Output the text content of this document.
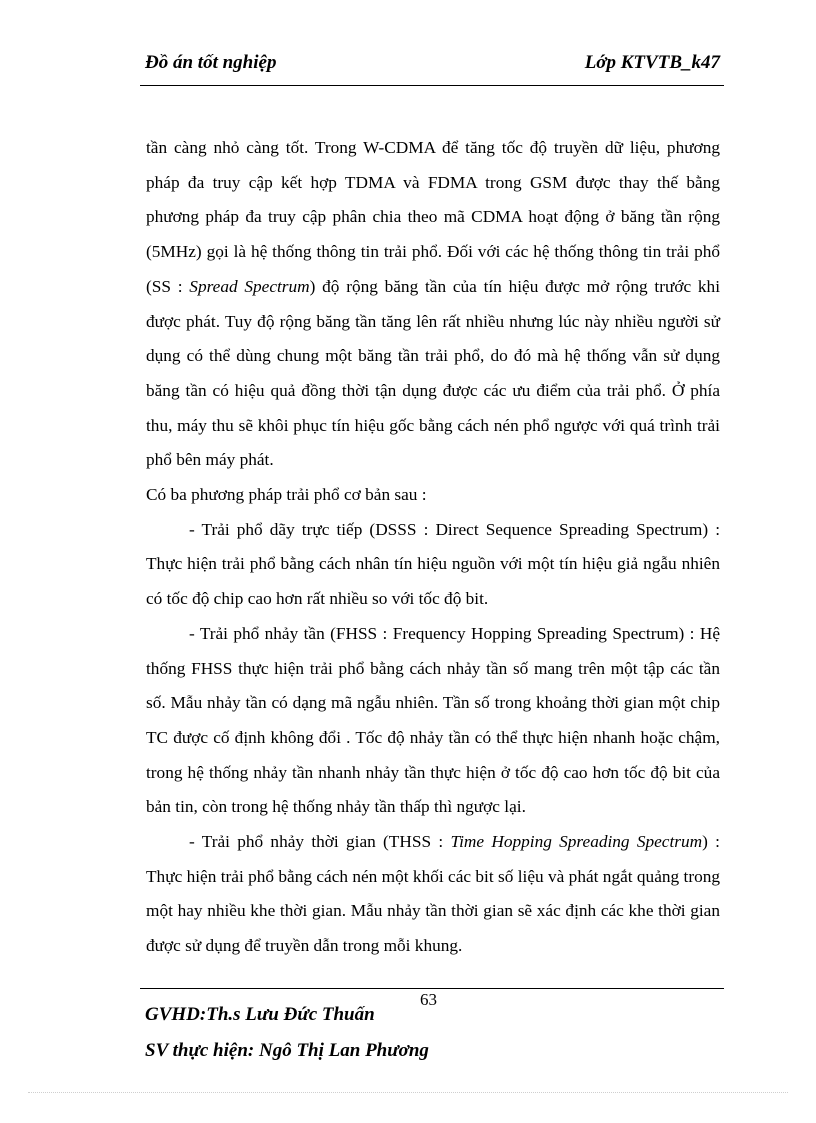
Đồ án tốt nghiệp	Lớp KTVTB_k47

tần càng nhỏ càng tốt. Trong W-CDMA để tăng tốc độ truyền dữ liệu, phương pháp đa truy cập kết hợp TDMA và FDMA trong GSM được thay thế bằng phương pháp đa truy cập phân chia theo mã CDMA hoạt động ở băng tần rộng (5MHz) gọi là hệ thống thông tin trải phổ. Đối với các hệ thống thông tin trải phổ (SS : Spread Spectrum) độ rộng băng tần của tín hiệu được mở rộng trước khi được phát. Tuy độ rộng băng tần tăng lên rất nhiều nhưng lúc này nhiều người sử dụng có thể dùng chung một băng tần trải phổ, do đó mà hệ thống vẫn sử dụng băng tần có hiệu quả đồng thời tận dụng được các ưu điểm của trải phổ. Ở phía thu, máy thu sẽ khôi phục tín hiệu gốc bằng cách nén phổ ngược với quá trình trải phổ bên máy phát.

Có ba phương pháp trải phổ cơ bản sau :

- Trải phổ dãy trực tiếp (DSSS : Direct Sequence Spreading Spectrum) : Thực hiện trải phổ bằng cách nhân tín hiệu nguồn với một tín hiệu giả ngẫu nhiên có tốc độ chip cao hơn rất nhiều so với tốc độ bit.

- Trải phổ nhảy tần (FHSS : Frequency Hopping Spreading Spectrum) : Hệ thống FHSS thực hiện trải phổ bằng cách nhảy tần số mang trên một tập các tần số. Mẫu nhảy tần có dạng mã ngẫu nhiên. Tần số trong khoảng thời gian một chip TC được cố định không đổi . Tốc độ nhảy tần có thể thực hiện nhanh hoặc chậm, trong hệ thống nhảy tần nhanh nhảy tần thực hiện ở tốc độ cao hơn tốc độ bit của bản tin, còn trong hệ thống nhảy tần thấp thì ngược lại.

- Trải phổ nhảy thời gian (THSS : Time Hopping Spreading Spectrum) : Thực hiện trải phổ bằng cách nén một khối các bit số liệu và phát ngắt quảng trong một hay nhiều khe thời gian. Mẫu nhảy tần thời gian sẽ xác định các khe thời gian được sử dụng để truyền dẫn trong mỗi khung.

63
GVHD:Th.s Lưu Đức Thuấn
SV thực hiện: Ngô Thị Lan Phương
